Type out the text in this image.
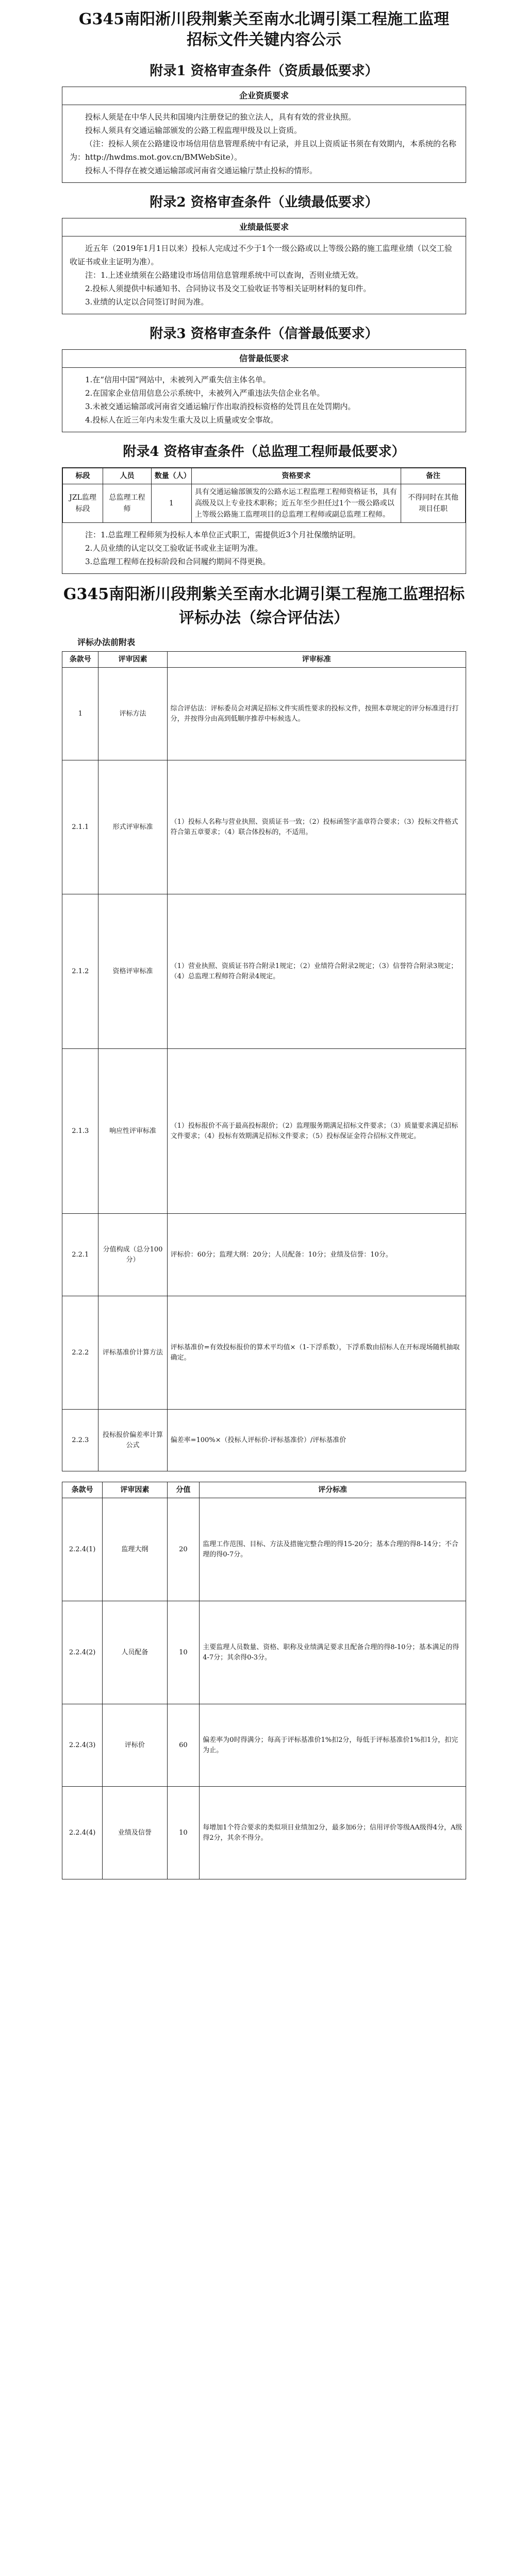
G345南阳淅川段荆紫关至南水北调引渠工程施工监理
招标文件关键内容公示
附录1 资格审查条件（资质最低要求）
企业资质要求

投标人须是在中华人民共和国境内注册登记的独立法人，具有有效的营业执照。

投标人须具有交通运输部颁发的公路工程监理甲级及以上资质。

（注：投标人须在公路建设市场信用信息管理系统中有记录，并且以上资质证书须在有效期内，本系统的名称为：http://hwdms.mot.gov.cn/BMWebSite）。

投标人不得存在被交通运输部或河南省交通运输厅禁止投标的情形。

附录2 资格审查条件（业绩最低要求）
业绩最低要求

近五年（2019年1月1日以来）投标人完成过不少于1个一级公路或以上等级公路的施工监理业绩（以交工验收证书或业主证明为准）。

注：1.上述业绩须在公路建设市场信用信息管理系统中可以查询，否则业绩无效。

2.投标人须提供中标通知书、合同协议书及交工验收证书等相关证明材料的复印件。

3.业绩的认定以合同签订时间为准。

附录3 资格审查条件（信誉最低要求）
信誉最低要求

1.在“信用中国”网站中，未被列入严重失信主体名单。

2.在国家企业信用信息公示系统中，未被列入严重违法失信企业名单。

3.未被交通运输部或河南省交通运输厅作出取消投标资格的处罚且在处罚期内。

4.投标人在近三年内未发生重大及以上质量或安全事故。

附录4 资格审查条件（总监理工程师最低要求）
标段	人员	数量（人）	资格要求	备注
JZL监理标段	总监理工程师	1	具有交通运输部颁发的公路水运工程监理工程师资格证书，具有高级及以上专业技术职称；近五年至少担任过1个一级公路或以上等级公路施工监理项目的总监理工程师或副总监理工程师。	不得同时在其他项目任职

注：1.总监理工程师须为投标人本单位正式职工，需提供近3个月社保缴纳证明。

2.人员业绩的认定以交工验收证书或业主证明为准。

3.总监理工程师在投标阶段和合同履约期间不得更换。

G345南阳淅川段荆紫关至南水北调引渠工程施工监理招标
评标办法（综合评估法）
评标办法前附表
条款号	评审因素	评审标准
1	评标方法	综合评估法：评标委员会对满足招标文件实质性要求的投标文件，按照本章规定的评分标准进行打分，并按得分由高到低顺序推荐中标候选人。
2.1.1	形式评审标准	（1）投标人名称与营业执照、资质证书一致；（2）投标函签字盖章符合要求；（3）投标文件格式符合第五章要求；（4）联合体投标的，不适用。
2.1.2	资格评审标准	（1）营业执照、资质证书符合附录1规定；（2）业绩符合附录2规定；（3）信誉符合附录3规定；（4）总监理工程师符合附录4规定。
2.1.3	响应性评审标准	（1）投标报价不高于最高投标限价；（2）监理服务期满足招标文件要求；（3）质量要求满足招标文件要求；（4）投标有效期满足招标文件要求；（5）投标保证金符合招标文件规定。
2.2.1	分值构成（总分100分）	评标价：60分；监理大纲：20分；人员配备：10分；业绩及信誉：10分。
2.2.2	评标基准价计算方法	评标基准价=有效投标报价的算术平均值×（1-下浮系数），下浮系数由招标人在开标现场随机抽取确定。
2.2.3	投标报价偏差率计算公式	偏差率=100%×（投标人评标价-评标基准价）/评标基准价
条款号	评审因素	分值	评分标准
2.2.4(1)	监理大纲	20	监理工作范围、目标、方法及措施完整合理的得15-20分；基本合理的得8-14分；不合理的得0-7分。
2.2.4(2)	人员配备	10	主要监理人员数量、资格、职称及业绩满足要求且配备合理的得8-10分；基本满足的得4-7分；其余得0-3分。
2.2.4(3)	评标价	60	偏差率为0时得满分；每高于评标基准价1%扣2分，每低于评标基准价1%扣1分，扣完为止。
2.2.4(4)	业绩及信誉	10	每增加1个符合要求的类似项目业绩加2分，最多加6分；信用评价等级AA级得4分，A级得2分，其余不得分。
